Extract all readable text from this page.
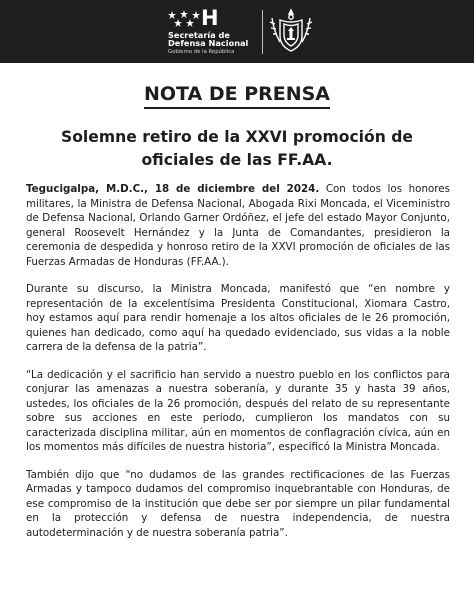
H
Secretaría de
Defensa Nacional
Gobierno de la República
NOTA DE PRENSA
Solemne retiro de la XXVI promoción de oficiales de las FF.AA.

Tegucigalpa, M.D.C., 18 de diciembre del 2024. Con todos los honores militares, la Ministra de Defensa Nacional, Abogada Rixi Moncada, el Viceministro de Defensa Nacional, Orlando Garner Ordóñez, el jefe del estado Mayor Conjunto, general Roosevelt Hernández y la Junta de Comandantes, presidieron la ceremonia de despedida y honroso retiro de la XXVI promoción de oficiales de las Fuerzas Armadas de Honduras (FF.AA.).

Durante su discurso, la Ministra Moncada, manifestó que “en nombre y representación de la excelentísima Presidenta Constitucional, Xiomara Castro, hoy estamos aquí para rendir homenaje a los altos oficiales de le 26 promoción, quienes han dedicado, como aquí ha quedado evidenciado, sus vidas a la noble carrera de la defensa de la patria”.

“La dedicación y el sacrificio han servido a nuestro pueblo en los conflictos para conjurar las amenazas a nuestra soberanía, y durante 35 y hasta 39 años, ustedes, los oficiales de la 26 promoción, después del relato de su representante sobre sus acciones en este periodo, cumplieron los mandatos con su caracterizada disciplina militar, aún en momentos de conflagración cívica, aún en los momentos más difíciles de nuestra historia”, especificó la Ministra Moncada.

También dijo que “no dudamos de las grandes rectificaciones de las Fuerzas Armadas y tampoco dudamos del compromiso inquebrantable con Honduras, de ese compromiso de la institución que debe ser por siempre un pilar fundamental en la protección y defensa de nuestra independencia, de nuestra autodeterminación y de nuestra soberanía patria”.
